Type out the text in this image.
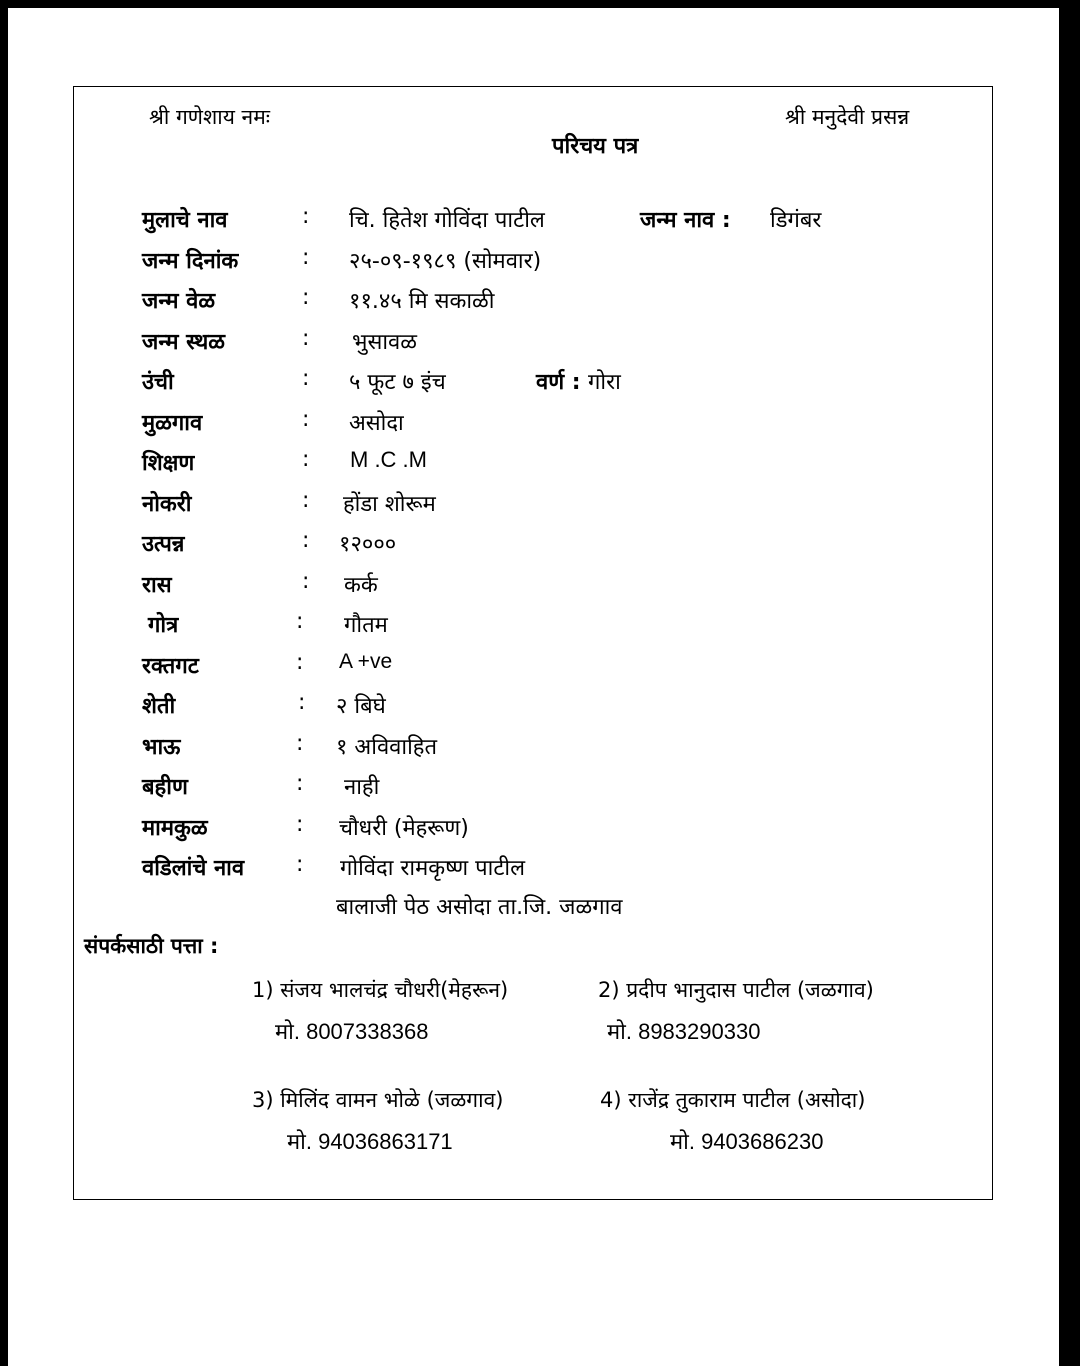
श्री गणेशाय नमः	श्री मनुदेवी प्रसन्न
परिचय पत्र
मुलाचे नाव	: चि. हितेश गोविंदा पाटील	जन्म नाव : डिगंबर
जन्म दिनांक	: २५-०९-१९८९ (सोमवार)
जन्म वेळ	: ११.४५ मि सकाळी
जन्म स्थळ	: भुसावळ
उंची	: ५ फूट ७ इंच	वर्ण : गोरा
मुळगाव	: असोदा
शिक्षण	: M .C .M
नोकरी	: होंडा शोरूम
उत्पन्न	: १२०००
रास	: कर्क
गोत्र	: गौतम
रक्तगट	: A +ve
शेती	: २ बिघे
भाऊ	: १ अविवाहित
बहीण	: नाही
मामकुळ	: चौधरी (मेहरूण)
वडिलांचे नाव : गोविंदा रामकृष्ण पाटील
बालाजी पेठ असोदा ता.जि. जळगाव
संपर्कसाठी पत्ता :
1) संजय भालचंद्र चौधरी(मेहरून)
मो. 8007338368
2) प्रदीप भानुदास पाटील (जळगाव)
मो. 8983290330
3) मिलिंद वामन भोळे (जळगाव)
मो. 94036863171
4) राजेंद्र तुकाराम पाटील (असोदा)
मो. 9403686230
